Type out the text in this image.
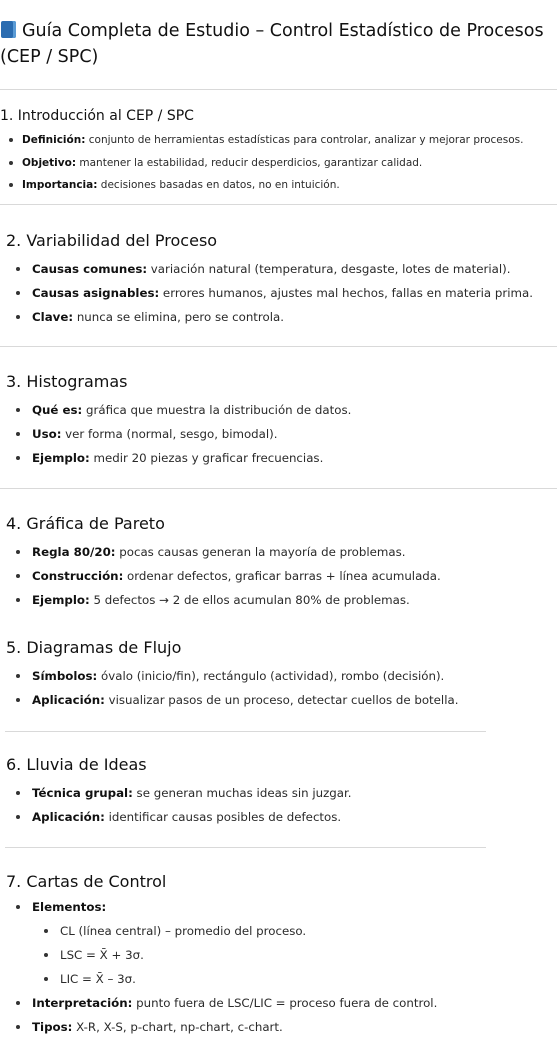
Guía Completa de Estudio – Control Estadístico de Procesos (CEP / SPC)
1. Introducción al CEP / SPC
Definición: conjunto de herramientas estadísticas para controlar, analizar y mejorar procesos.
Objetivo: mantener la estabilidad, reducir desperdicios, garantizar calidad.
Importancia: decisiones basadas en datos, no en intuición.
2. Variabilidad del Proceso
Causas comunes: variación natural (temperatura, desgaste, lotes de material).
Causas asignables: errores humanos, ajustes mal hechos, fallas en materia prima.
Clave: nunca se elimina, pero se controla.
3. Histogramas
Qué es: gráfica que muestra la distribución de datos.
Uso: ver forma (normal, sesgo, bimodal).
Ejemplo: medir 20 piezas y graficar frecuencias.
4. Gráfica de Pareto
Regla 80/20: pocas causas generan la mayoría de problemas.
Construcción: ordenar defectos, graficar barras + línea acumulada.
Ejemplo: 5 defectos → 2 de ellos acumulan 80% de problemas.
5. Diagramas de Flujo
Símbolos: óvalo (inicio/fin), rectángulo (actividad), rombo (decisión).
Aplicación: visualizar pasos de un proceso, detectar cuellos de botella.
6. Lluvia de Ideas
Técnica grupal: se generan muchas ideas sin juzgar.
Aplicación: identificar causas posibles de defectos.
7. Cartas de Control
Elementos:
CL (línea central) – promedio del proceso.
LSC = X̄ + 3σ.
LIC = X̄ – 3σ.
Interpretación: punto fuera de LSC/LIC = proceso fuera de control.
Tipos: X-R, X-S, p-chart, np-chart, c-chart.
